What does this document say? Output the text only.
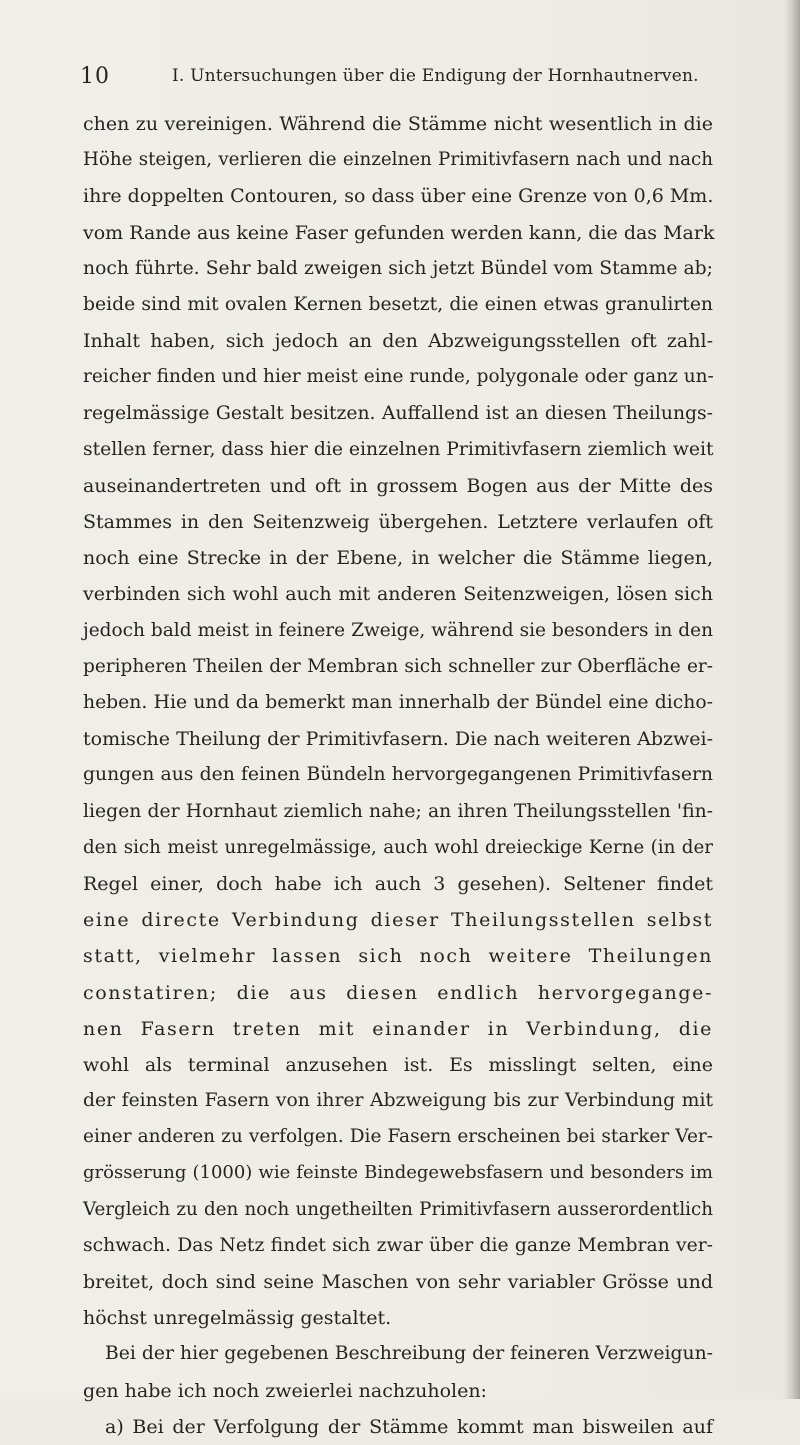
10	I. Untersuchungen über die Endigung der Hornhautnerven.
chen zu vereinigen. Während die Stämme nicht wesentlich in die
Höhe steigen, verlieren die einzelnen Primitivfasern nach und nach
ihre doppelten Contouren, so dass über eine Grenze von 0,6 Mm.
vom Rande aus keine Faser gefunden werden kann, die das Mark
noch führte. Sehr bald zweigen sich jetzt Bündel vom Stamme ab;
beide sind mit ovalen Kernen besetzt, die einen etwas granulirten
Inhalt haben, sich jedoch an den Abzweigungsstellen oft zahl-
reicher finden und hier meist eine runde, polygonale oder ganz un-
regelmässige Gestalt besitzen. Auffallend ist an diesen Theilungs-
stellen ferner, dass hier die einzelnen Primitivfasern ziemlich weit
auseinandertreten und oft in grossem Bogen aus der Mitte des
Stammes in den Seitenzweig übergehen. Letztere verlaufen oft
noch eine Strecke in der Ebene, in welcher die Stämme liegen,
verbinden sich wohl auch mit anderen Seitenzweigen, lösen sich
jedoch bald meist in feinere Zweige, während sie besonders in den
peripheren Theilen der Membran sich schneller zur Oberfläche er-
heben. Hie und da bemerkt man innerhalb der Bündel eine dicho-
tomische Theilung der Primitivfasern. Die nach weiteren Abzwei-
gungen aus den feinen Bündeln hervorgegangenen Primitivfasern
liegen der Hornhaut ziemlich nahe; an ihren Theilungsstellen 'fin-
den sich meist unregelmässige, auch wohl dreieckige Kerne (in der
Regel einer, doch habe ich auch 3 gesehen). Seltener findet
eine directe Verbindung dieser Theilungsstellen selbst
statt, vielmehr lassen sich noch weitere Theilungen
constatiren; die aus diesen endlich hervorgegange-
nen Fasern treten mit einander in Verbindung, die
wohl als terminal anzusehen ist. Es misslingt selten, eine
der feinsten Fasern von ihrer Abzweigung bis zur Verbindung mit
einer anderen zu verfolgen. Die Fasern erscheinen bei starker Ver-
grösserung (1000) wie feinste Bindegewebsfasern und besonders im
Vergleich zu den noch ungetheilten Primitivfasern ausserordentlich
schwach. Das Netz findet sich zwar über die ganze Membran ver-
breitet, doch sind seine Maschen von sehr variabler Grösse und
höchst unregelmässig gestaltet.
Bei der hier gegebenen Beschreibung der feineren Verzweigun-
gen habe ich noch zweierlei nachzuholen:
a) Bei der Verfolgung der Stämme kommt man bisweilen auf
